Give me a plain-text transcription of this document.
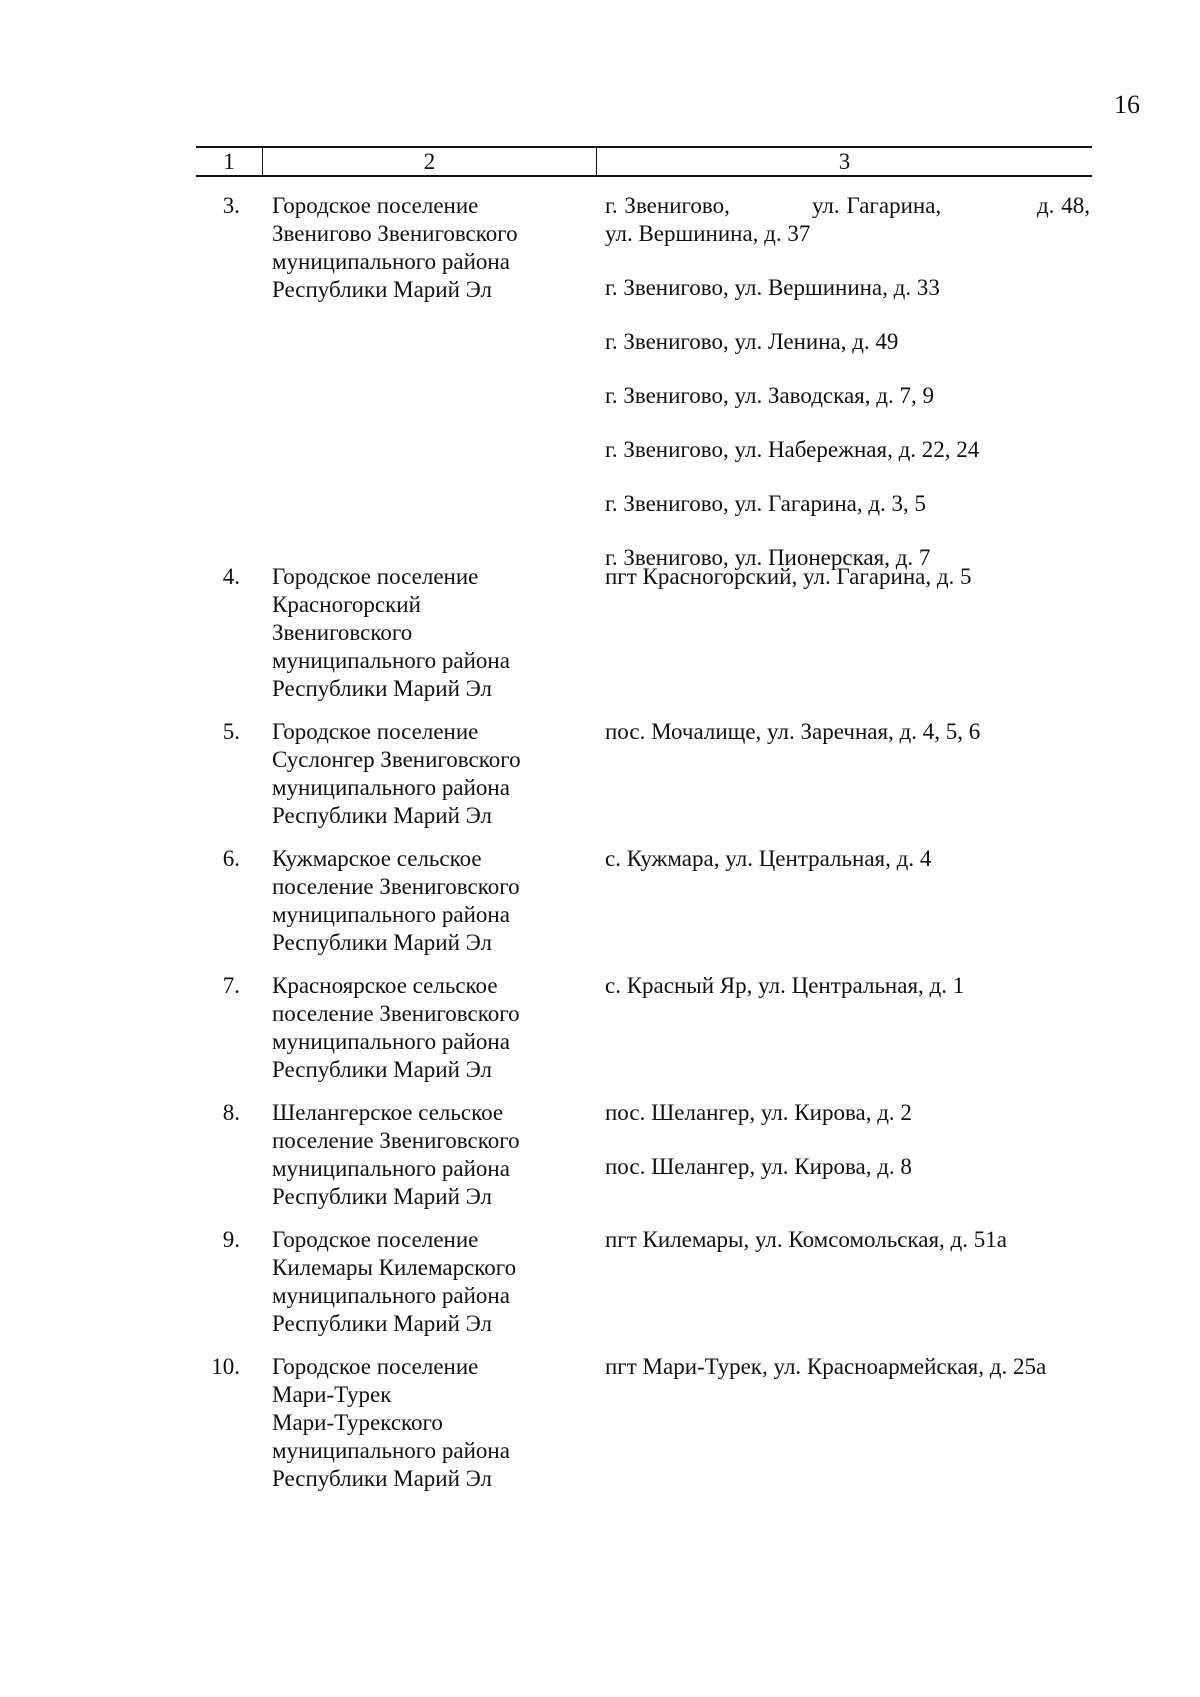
16
1	2	3
3. Городское поселение
Звенигово Звениговского
муниципального района
Республики Марий Эл
г. Звенигово,            ул. Гагарина,              д. 48, ул. Вершинина, д. 37
г. Звенигово, ул. Вершинина, д. 33
г. Звенигово, ул. Ленина, д. 49
г. Звенигово, ул. Заводская, д. 7, 9
г. Звенигово, ул. Набережная, д. 22, 24
г. Звенигово, ул. Гагарина, д. 3, 5
г. Звенигово, ул. Пионерская, д. 7
4. Городское поселение
Красногорский
Звениговского
муниципального района
Республики Марий Эл
пгт Красногорский, ул. Гагарина, д. 5
5. Городское поселение
Суслонгер Звениговского
муниципального района
Республики Марий Эл
пос. Мочалище, ул. Заречная, д. 4, 5, 6
6. Кужмарское сельское
поселение Звениговского
муниципального района
Республики Марий Эл
с. Кужмара, ул. Центральная, д. 4
7. Красноярское сельское
поселение Звениговского
муниципального района
Республики Марий Эл
с. Красный Яр, ул. Центральная, д. 1
8. Шелангерское сельское
поселение Звениговского
муниципального района
Республики Марий Эл
пос. Шелангер, ул. Кирова, д. 2
пос. Шелангер, ул. Кирова, д. 8
9. Городское поселение
Килемары Килемарского
муниципального района
Республики Марий Эл
пгт Килемары, ул. Комсомольская, д. 51а
10. Городское поселение
Мари-Турек
Мари-Турекского
муниципального района
Республики Марий Эл
пгт Мари-Турек, ул. Красноармейская, д. 25а
